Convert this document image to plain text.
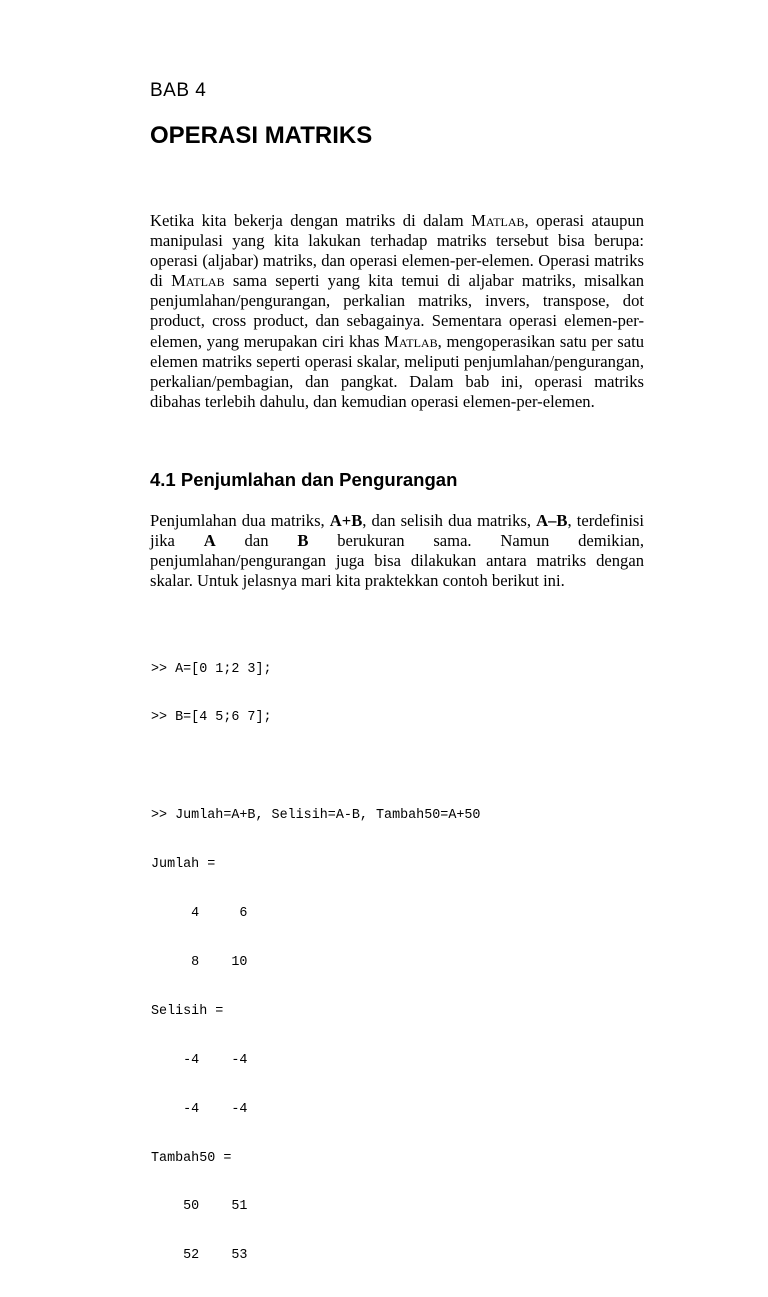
BAB 4

OPERASI MATRIKS

Ketika kita bekerja dengan matriks di dalam Matlab, operasi ataupun manipulasi yang kita lakukan terhadap matriks tersebut bisa berupa: operasi (aljabar) matriks, dan operasi elemen-per-elemen. Operasi matriks di Matlab sama seperti yang kita temui di aljabar matriks, misalkan penjumlahan/pengurangan, perkalian matriks, invers, transpose, dot product, cross product, dan sebagainya. Sementara operasi elemen-per-elemen, yang merupakan ciri khas Matlab, mengoperasikan satu per satu elemen matriks seperti operasi skalar, meliputi penjumlahan/pengurangan, perkalian/pembagian, dan pangkat. Dalam bab ini, operasi matriks dibahas terlebih dahulu, dan kemudian operasi elemen-per-elemen.

4.1 Penjumlahan dan Pengurangan

Penjumlahan dua matriks, A+B, dan selisih dua matriks, A–B, terdefinisi jika A dan B berukuran sama. Namun demikian, penjumlahan/pengurangan juga bisa dilakukan antara matriks dengan skalar. Untuk jelasnya mari kita praktekkan contoh berikut ini.

>> A=[0 1;2 3];

>> B=[4 5;6 7];

>> Jumlah=A+B, Selisih=A-B, Tambah50=A+50

Jumlah =

4     6

8    10

Selisih =

-4    -4

-4    -4

Tambah50 =

50    51

52    53
